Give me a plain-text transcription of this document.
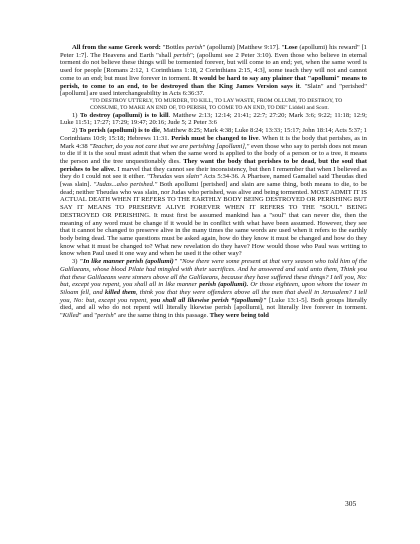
All from the same Greek word: "Bottles perish" (apollumi) [Matthew 9:17]. "Lose (apollumi) his reward" [1 Peter 1:7]. The Heavens and Earth "shall perish"; (apollumi see 2 Peter 3:10). Even those who believe in eternal torment do not believe these things will be tormented forever, but will come to an end; yet, when the same word is used for people [Romans 2:12, 1 Corinthians 1:18, 2 Corinthians 2:15, 4:3], some teach they will not and cannot come to an end; but must live forever in torment. It would be hard to say any plainer that "apollumi" means to perish, to come to an end, to be destroyed than the King James Version says it. "Slain" and "perished" [apollumi] are used interchangeability in Acts 6:36:37.

"TO DESTROY UTTERLY, TO MURDER, TO KILL, TO LAY WASTE, FROM OLLUMI, TO DESTROY, TO CONSUME, TO MAKE AN END OF, TO PERISH, TO COME TO AN END, TO DIE" Liddell and Scott.

1) To destroy (apollumi) is to kill. Matthew 2:13; 12:14; 21:41; 22:7; 27:20; Mark 3:6; 9:22; 11:18; 12:9; Luke 11:51; 17:27; 17:29; 19:47; 20:16; Jude 5; 2 Peter 3:6

2) To perish (apollumi) is to die, Matthew 8:25; Mark 4:38; Luke 8:24; 13:33; 15:17; John 18:14; Acts 5:37; 1 Corinthians 10:9; 15:18; Hebrews 11:31. Perish must be changed to live. When it is the body that perishes, as in Mark 4:38 "Teacher, do you not care that we are perishing [apollumi]," even those who say to perish does not mean to die if it is the soul must admit that when the same word is applied to the body of a person or to a tree, it means the person and the tree unquestionably dies. They want the body that perishes to be dead, but the soul that perishes to be alive. I marvel that they cannot see their inconsistency, but then I remember that when I believed as they do I could not see it either. "Theudas was slain" Acts 5:34-36. A Pharisee, named Gamaliel said Theudas died [was slain]. "Judas...also perished." Both apollumi [perished] and slain are same thing, both means to die, to be dead; neither Theudas who was slain, nor Judas who perished, was alive and being tormented. MOST ADMIT IT IS ACTUAL DEATH WHEN IT REFERS TO THE EARTHLY BODY BEING DESTROYED OR PERISHING BUT SAY IT MEANS TO PRESERVE ALIVE FOREVER WHEN IT REFERS TO THE "SOUL" BEING DESTROYED OR PERISHING. It must first be assumed mankind has a "soul" that can never die, then the meaning of any word must be change if it would be in conflict with what have been assumed. However, they see that it cannot be changed to preserve alive in the many times the same words are used when it refers to the earthly body being dead. The same questions must be asked again, how do they know it must be changed and how do they know what it must be changed to? What new revelation do they have? How would those who Paul was writing to know when Paul used it one way and when he used it the other way?

3) "In like manner perish (apollumi)" "Now there were some present at that very season who told him of the Galilaeans, whose blood Pilate had mingled with their sacrifices. And he answered and said unto them, Think you that these Galilaeans were sinners above all the Galilaeans, because they have suffered these things? I tell you, No: but, except you repent, you shall all in like manner perish (apollumi). Or those eighteen, upon whom the tower in Siloam fell, and killed them, think you that they were offenders above all the men that dwell in Jerusalem? I tell you, No: but, except you repent, you shall all likewise perish *(apollumi)" [Luke 13:1-5]. Both groups literally died, and all who do not repent will literally likewise perish [apollumi], not literally live forever in torment. "Killed" and "perish" are the same thing in this passage. They were being told

305
